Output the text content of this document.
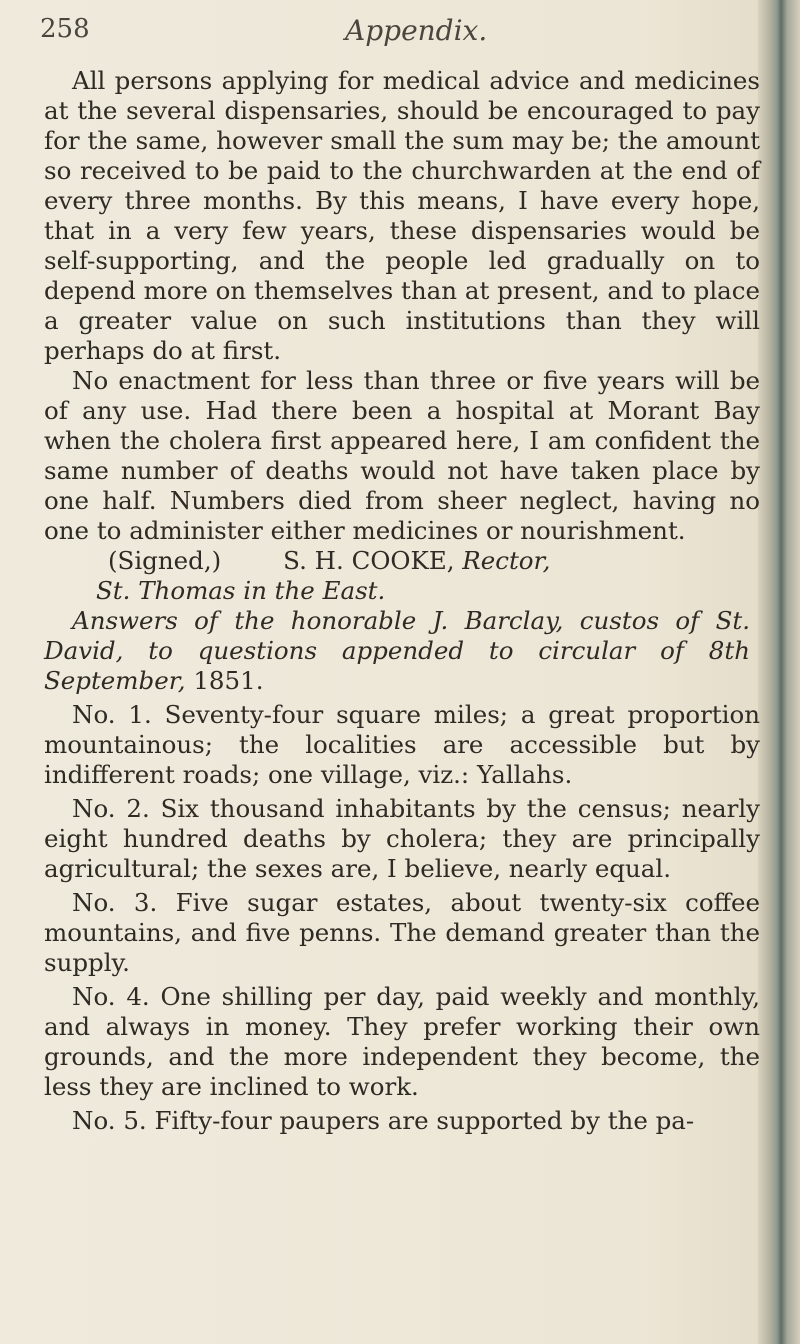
258	Appendix.

All persons applying for medical advice and medicines at the several dispensaries, should be encouraged to pay for the same, however small the sum may be; the amount so received to be paid to the churchwarden at the end of every three months. By this means, I have every hope, that in a very few years, these dispensaries would be self-supporting, and the people led gradually on to depend more on themselves than at present, and to place a greater value on such institutions than they will perhaps do at first.

No enactment for less than three or five years will be of any use. Had there been a hospital at Morant Bay when the cholera first appeared here, I am confident the same number of deaths would not have taken place by one half. Numbers died from sheer neglect, having no one to administer either medicines or nourishment.

(Signed,)	S. H. COOKE, Rector,

St. Thomas in the East.

Answers of the honorable J. Barclay, custos of St. David, to questions appended to circular of 8th September, 1851.

No. 1. Seventy-four square miles; a great proportion mountainous; the localities are accessible but by indifferent roads; one village, viz.: Yallahs.

No. 2. Six thousand inhabitants by the census; nearly eight hundred deaths by cholera; they are principally agricultural; the sexes are, I believe, nearly equal.

No. 3. Five sugar estates, about twenty-six coffee mountains, and five penns. The demand greater than the supply.

No. 4. One shilling per day, paid weekly and monthly, and always in money. They prefer working their own grounds, and the more independent they become, the less they are inclined to work.

No. 5. Fifty-four paupers are supported by the pa-
